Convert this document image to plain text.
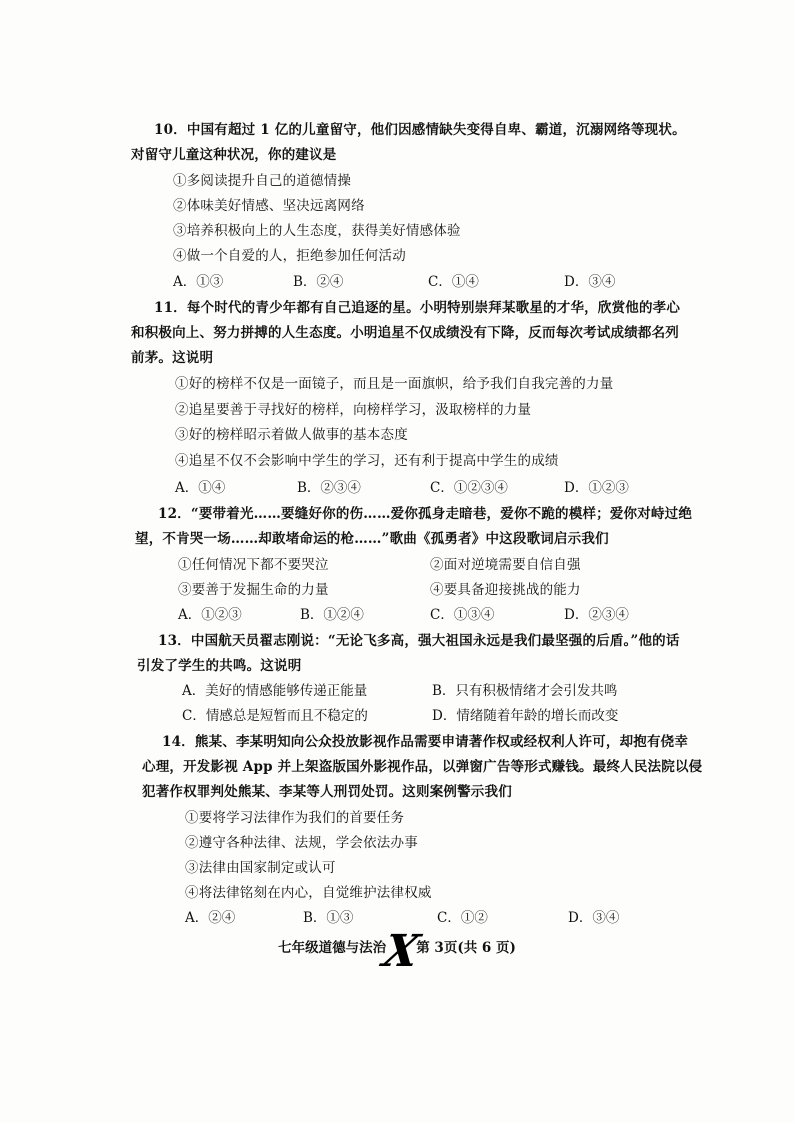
10．中国有超过 1 亿的儿童留守，他们因感情缺失变得自卑、霸道，沉溺网络等现状。
对留守儿童这种状况，你的建议是
①多阅读提升自己的道德情操
②体味美好情感、坚决远离网络
③培养积极向上的人生态度，获得美好情感体验
④做一个自爱的人，拒绝参加任何活动
A．①③	B．②④	C．①④	D．③④
11．每个时代的青少年都有自己追逐的星。小明特别崇拜某歌星的才华，欣赏他的孝心
和积极向上、努力拼搏的人生态度。小明追星不仅成绩没有下降，反而每次考试成绩都名列
前茅。这说明
①好的榜样不仅是一面镜子，而且是一面旗帜，给予我们自我完善的力量
②追星要善于寻找好的榜样，向榜样学习，汲取榜样的力量
③好的榜样昭示着做人做事的基本态度
④追星不仅不会影响中学生的学习，还有利于提高中学生的成绩
A．①④	B．②③④	C．①②③④	D．①②③
12．“要带着光……要缝好你的伤……爱你孤身走暗巷，爱你不跪的模样；爱你对峙过绝
望，不肯哭一场……却敢堵命运的枪……”歌曲《孤勇者》中这段歌词启示我们
①任何情况下都不要哭泣	②面对逆境需要自信自强
③要善于发掘生命的力量	④要具备迎接挑战的能力
A．①②③	B．①②④	C．①③④	D．②③④
13．中国航天员翟志刚说：“无论飞多高，强大祖国永远是我们最坚强的后盾。”他的话
引发了学生的共鸣。这说明
A．美好的情感能够传递正能量	B．只有积极情绪才会引发共鸣
C．情感总是短暂而且不稳定的	D．情绪随着年龄的增长而改变
14．熊某、李某明知向公众投放影视作品需要申请著作权或经权利人许可，却抱有侥幸
心理，开发影视 App 并上架盗版国外影视作品，以弹窗广告等形式赚钱。最终人民法院以侵
犯著作权罪判处熊某、李某等人刑罚处罚。这则案例警示我们
①要将学习法律作为我们的首要任务
②遵守各种法律、法规，学会依法办事
③法律由国家制定或认可
④将法律铭刻在内心，自觉维护法律权威
A．②④	B．①③	C．①②	D．③④
七年级道德与法治X第 3页(共 6 页)
